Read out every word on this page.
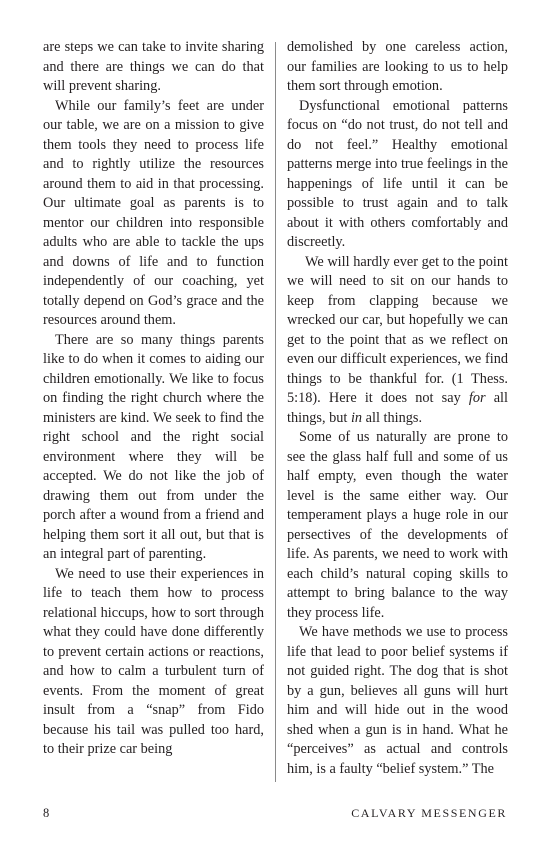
are steps we can take to invite sharing and there are things we can do that will prevent sharing.

While our family’s feet are under our table, we are on a mission to give them tools they need to process life and to rightly utilize the resources around them to aid in that processing. Our ultimate goal as parents is to mentor our children into responsible adults who are able to tackle the ups and downs of life and to function independently of our coaching, yet totally depend on God’s grace and the resources around them.

There are so many things parents like to do when it comes to aiding our children emotionally. We like to focus on finding the right church where the ministers are kind. We seek to find the right school and the right social environment where they will be accepted. We do not like the job of drawing them out from under the porch after a wound from a friend and helping them sort it all out, but that is an integral part of parenting.

We need to use their experiences in life to teach them how to process relational hiccups, how to sort through what they could have done differently to prevent certain actions or reactions, and how to calm a turbulent turn of events. From the moment of great insult from a “snap” from Fido because his tail was pulled too hard, to their prize car being

demolished by one careless action, our families are looking to us to help them sort through emotion.

Dysfunctional emotional patterns focus on “do not trust, do not tell and do not feel.” Healthy emotional patterns merge into true feelings in the happenings of life until it can be possible to trust again and to talk about it with others comfortably and discreetly.

We will hardly ever get to the point we will need to sit on our hands to keep from clapping because we wrecked our car, but hopefully we can get to the point that as we reflect on even our difficult experiences, we find things to be thankful for. (1 Thess. 5:18). Here it does not say for all things, but in all things.

Some of us naturally are prone to see the glass half full and some of us half empty, even though the water level is the same either way. Our temperament plays a huge role in our persectives of the developments of life. As parents, we need to work with each child’s natural coping skills to attempt to bring balance to the way they process life.

We have methods we use to process life that lead to poor belief systems if not guided right. The dog that is shot by a gun, believes all guns will hurt him and will hide out in the wood shed when a gun is in hand. What he “perceives” as actual and controls him, is a faulty “belief system.” The

8	CALVARY MESSENGER
